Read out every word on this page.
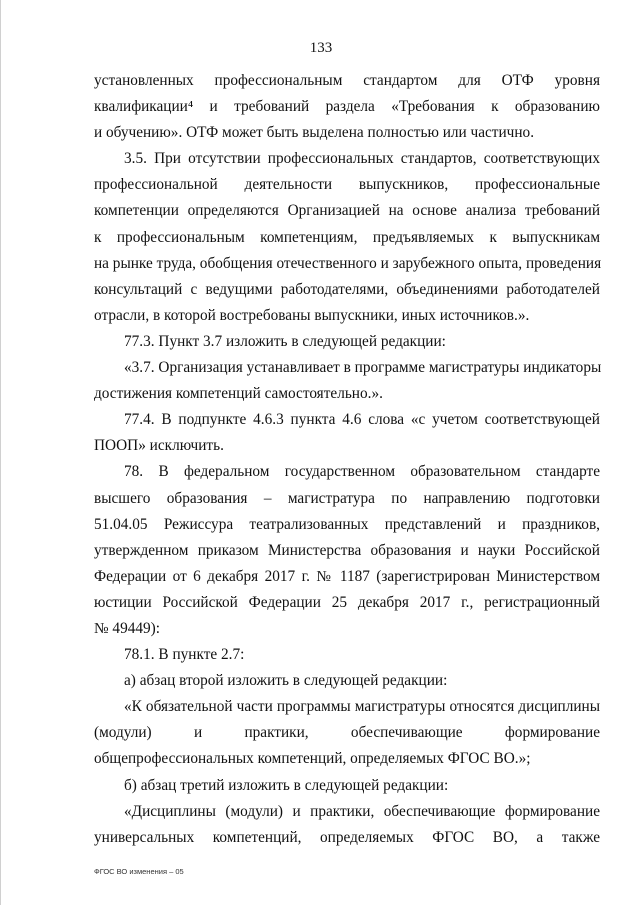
133
установленных профессиональным стандартом для ОТФ уровня
квалификации⁴ и требований раздела «Требования к образованию
и обучению». ОТФ может быть выделена полностью или частично.
3.5. При отсутствии профессиональных стандартов, соответствующих
профессиональной деятельности выпускников, профессиональные
компетенции определяются Организацией на основе анализа требований
к профессиональным компетенциям, предъявляемых к выпускникам
на рынке труда, обобщения отечественного и зарубежного опыта, проведения
консультаций с ведущими работодателями, объединениями работодателей
отрасли, в которой востребованы выпускники, иных источников.».
77.3. Пункт 3.7 изложить в следующей редакции:
«3.7. Организация устанавливает в программе магистратуры индикаторы
достижения компетенций самостоятельно.».
77.4. В подпункте 4.6.3 пункта 4.6 слова «с учетом соответствующей
ПООП» исключить.
78. В федеральном государственном образовательном стандарте
высшего образования – магистратура по направлению подготовки
51.04.05 Режиссура театрализованных представлений и праздников,
утвержденном приказом Министерства образования и науки Российской
Федерации от 6 декабря 2017 г. № 1187 (зарегистрирован Министерством
юстиции Российской Федерации 25 декабря 2017 г., регистрационный
№ 49449):
78.1. В пункте 2.7:
а) абзац второй изложить в следующей редакции:
«К обязательной части программы магистратуры относятся дисциплины
(модули) и практики, обеспечивающие формирование
общепрофессиональных компетенций, определяемых ФГОС ВО.»;
б) абзац третий изложить в следующей редакции:
«Дисциплины (модули) и практики, обеспечивающие формирование
универсальных компетенций, определяемых ФГОС ВО, а также
ФГОС ВО изменения – 05
